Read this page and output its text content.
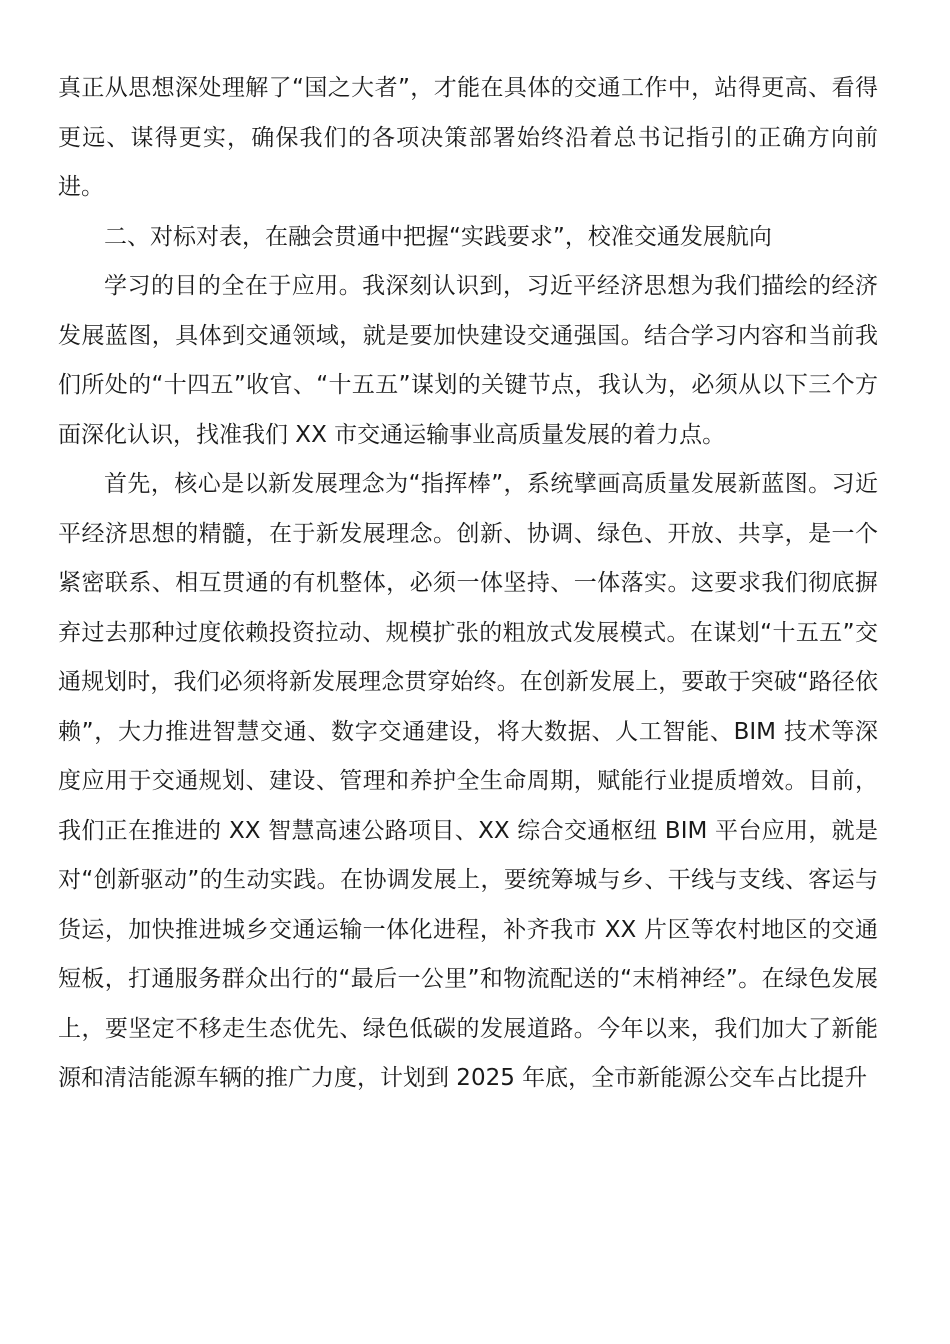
真正从思想深处理解了“国之大者”，才能在具体的交通工作中，站得更高、看得更远、谋得更实，确保我们的各项决策部署始终沿着总书记指引的正确方向前进。

二、对标对表，在融会贯通中把握“实践要求”，校准交通发展航向

学习的目的全在于应用。我深刻认识到，习近平经济思想为我们描绘的经济发展蓝图，具体到交通领域，就是要加快建设交通强国。结合学习内容和当前我们所处的“十四五”收官、“十五五”谋划的关键节点，我认为，必须从以下三个方面深化认识，找准我们 XX 市交通运输事业高质量发展的着力点。

首先，核心是以新发展理念为“指挥棒”，系统擘画高质量发展新蓝图。习近平经济思想的精髓，在于新发展理念。创新、协调、绿色、开放、共享，是一个紧密联系、相互贯通的有机整体，必须一体坚持、一体落实。这要求我们彻底摒弃过去那种过度依赖投资拉动、规模扩张的粗放式发展模式。在谋划“十五五”交通规划时，我们必须将新发展理念贯穿始终。在创新发展上，要敢于突破“路径依赖”，大力推进智慧交通、数字交通建设，将大数据、人工智能、BIM 技术等深度应用于交通规划、建设、管理和养护全生命周期，赋能行业提质增效。目前，我们正在推进的 XX 智慧高速公路项目、XX 综合交通枢纽 BIM 平台应用，就是对“创新驱动”的生动实践。在协调发展上，要统筹城与乡、干线与支线、客运与货运，加快推进城乡交通运输一体化进程，补齐我市 XX 片区等农村地区的交通短板，打通服务群众出行的“最后一公里”和物流配送的“末梢神经”。在绿色发展上，要坚定不移走生态优先、绿色低碳的发展道路。今年以来，我们加大了新能源和清洁能源车辆的推广力度，计划到 2025 年底，全市新能源公交车占比提升
